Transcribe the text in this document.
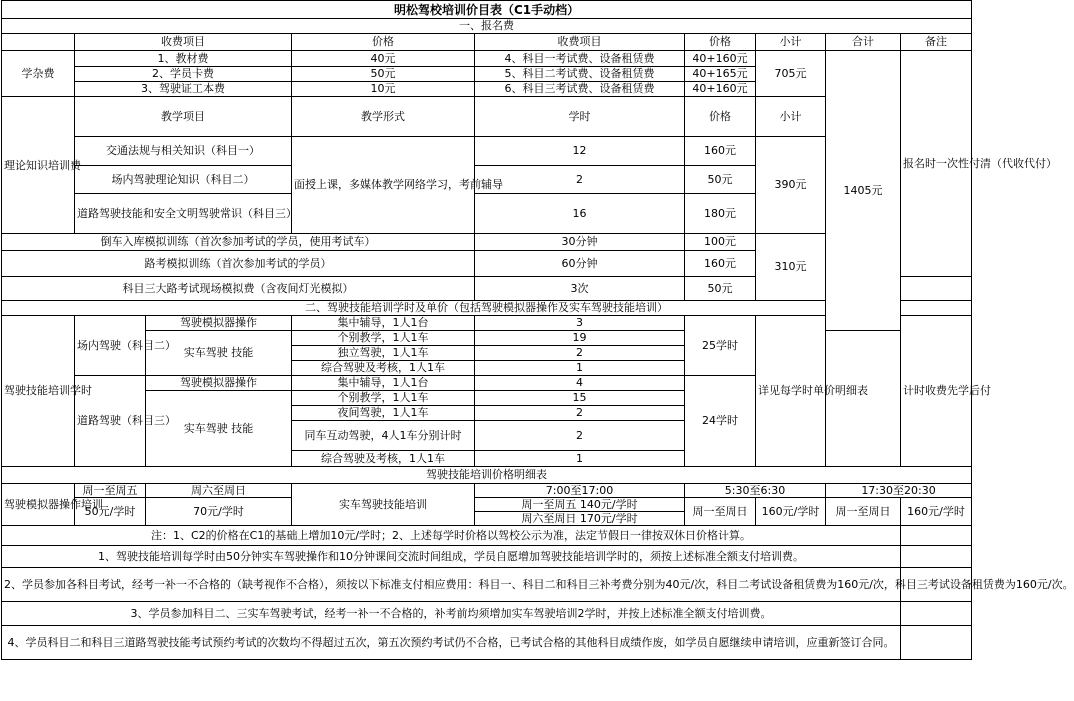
明松驾校培训价目表（C1手动档）									
一、报名费									
	收费项目		价格	收费项目	价格	小计	合计	备注	
学杂费	1、教材费		40元	4、科目一考试费、设备租赁费	40+160元	705元	1405元	报名时一次性付清（代收代付）	
	2、学员卡费		50元	5、科目二考试费、设备租赁费	40+165元				
	3、驾驶证工本费		10元	6、科目三考试费、设备租赁费	40+160元				
理论知识培训费	教学项目		教学形式	学时	价格	小计			
	交通法规与相关知识（科目一）		面授上课，多媒体教学网络学习，考前辅导	12	160元	390元			
	场内驾驶理论知识（科目二）			2	50元				
	道路驾驶技能和安全文明驾驶常识（科目三）			16	180元				
倒车入库模拟训练（首次参加考试的学员，使用考试车）				30分钟	100元	310元			
路考模拟训练（首次参加考试的学员）				60分钟	160元				
科目三大路考试现场模拟费（含夜间灯光模拟）				3次	50元				
二、驾驶技能培训学时及单价（包括驾驶模拟器操作及实车驾驶技能培训）									
驾驶技能培训学时	场内驾驶（科目二）	驾驶模拟器操作	集中辅导，1人1台	3	25学时	详见每学时单价明细表		计时收费先学后付	
		实车驾驶 技能	个别教学，1人1车	19					
			独立驾驶，1人1车	2					
			综合驾驶及考核，1人1车	1					
	道路驾驶（科目三）	驾驶模拟器操作	集中辅导，1人1台	4	24学时				
		实车驾驶 技能	个别教学，1人1车	15					
			夜间驾驶，1人1车	2					
			同车互动驾驶，4人1车分别计时	2					
			综合驾驶及考核，1人1车	1					
驾驶技能培训价格明细表									
驾驶模拟器操作培训	周一至周五	周六至周日	实车驾驶技能培训	7:00至17:00	5:30至6:30		17:30至20:30		
	50元/学时	70元/学时		周一至周五 140元/学时	周一至周日	160元/学时	周一至周日	160元/学时	
				周六至周日 170元/学时					
注：1、C2的价格在C1的基础上增加10元/学时；2、上述每学时价格以驾校公示为准，法定节假日一律按双休日价格计算。									
1、驾驶技能培训每学时由50分钟实车驾驶操作和10分钟课间交流时间组成，学员自愿增加驾驶技能培训学时的，须按上述标准全额支付培训费。									
2、学员参加各科目考试，经考一补一不合格的（缺考视作不合格），须按以下标准支付相应费用：科目一、科目二和科目三补考费分别为40元/次，科目二考试设备租赁费为160元/次，科目三考试设备租赁费为160元/次。									
3、学员参加科目二、三实车驾驶考试，经考一补一不合格的，补考前均须增加实车驾驶培训2学时，并按上述标准全额支付培训费。									
4、学员科目二和科目三道路驾驶技能考试预约考试的次数均不得超过五次，第五次预约考试仍不合格，已考试合格的其他科目成绩作废，如学员自愿继续申请培训，应重新签订合同。									
